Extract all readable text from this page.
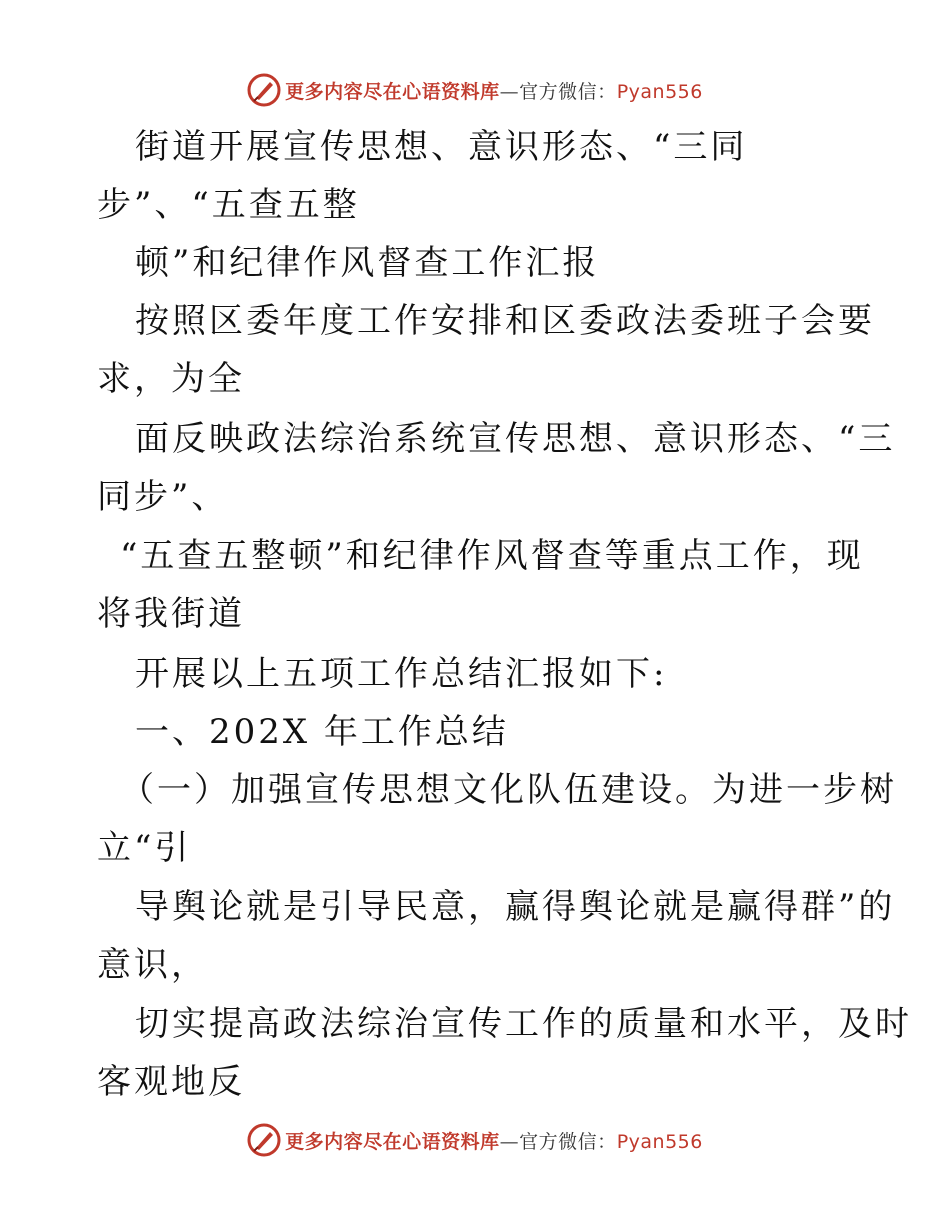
更多内容尽在心语资料库—官方微信：Pyan556
街道开展宣传思想、意识形态、“三同
步”、“五查五整
顿”和纪律作风督查工作汇报
按照区委年度工作安排和区委政法委班子会要
求，为全
面反映政法综治系统宣传思想、意识形态、“三
同步”、
“五查五整顿”和纪律作风督查等重点工作，现
将我街道
开展以上五项工作总结汇报如下:
一、202X 年工作总结
（一）加强宣传思想文化队伍建设。为进一步树
立“引
导舆论就是引导民意，赢得舆论就是赢得群”的
意识，
切实提高政法综治宣传工作的质量和水平，及时
客观地反
更多内容尽在心语资料库—官方微信：Pyan556
